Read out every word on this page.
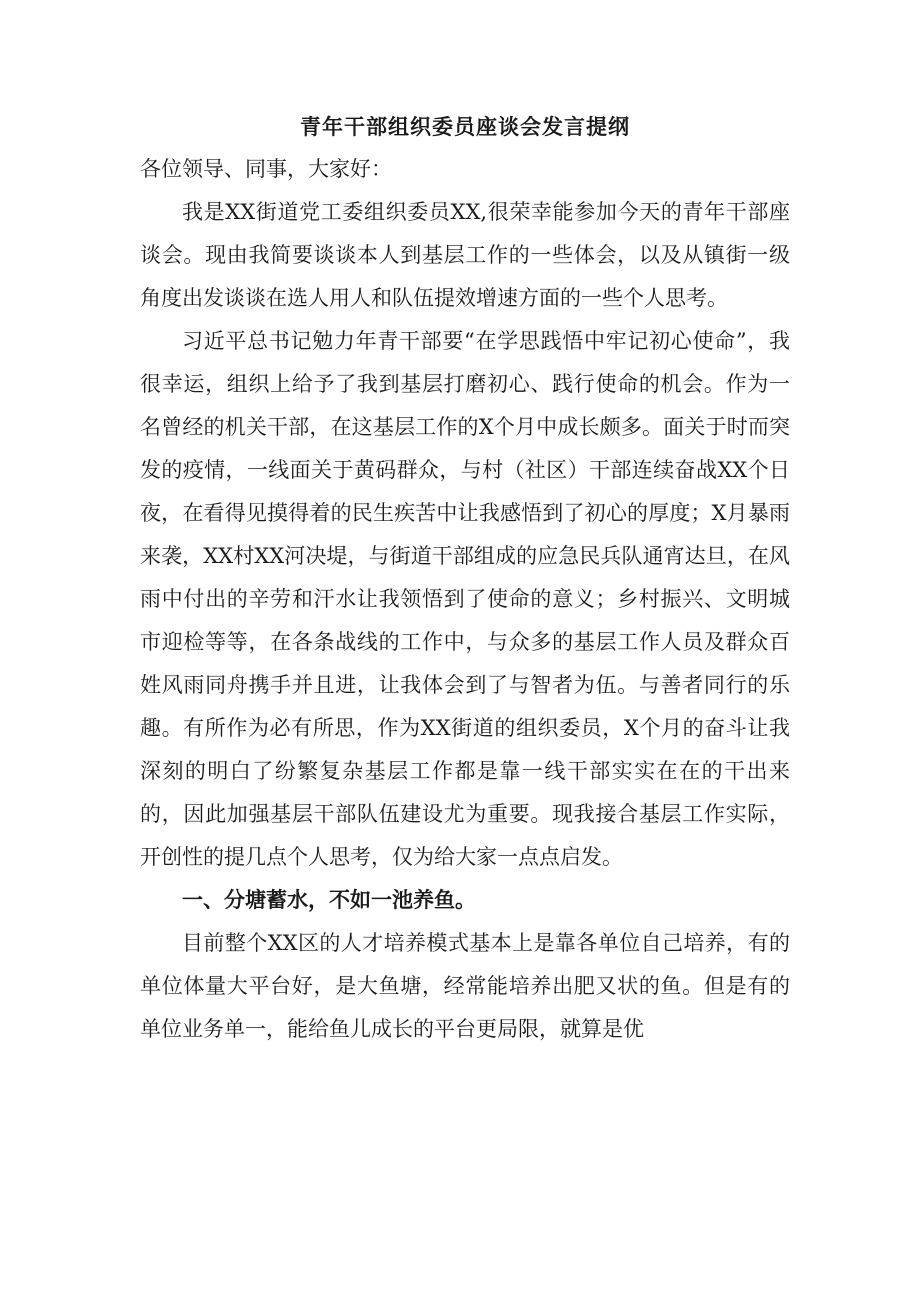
青年干部组织委员座谈会发言提纲

各位领导、同事，大家好：

我是XX街道党工委组织委员XX,很荣幸能参加今天的青年干部座谈会。现由我简要谈谈本人到基层工作的一些体会，以及从镇街一级角度出发谈谈在选人用人和队伍提效增速方面的一些个人思考。

习近平总书记勉力年青干部要“在学思践悟中牢记初心使命”，我很幸运，组织上给予了我到基层打磨初心、践行使命的机会。作为一名曾经的机关干部，在这基层工作的X个月中成长颇多。面关于时而突发的疫情，一线面关于黄码群众，与村（社区）干部连续奋战XX个日夜，在看得见摸得着的民生疾苦中让我感悟到了初心的厚度；X月暴雨来袭，XX村XX河决堤，与街道干部组成的应急民兵队通宵达旦，在风雨中付出的辛劳和汗水让我领悟到了使命的意义；乡村振兴、文明城市迎检等等，在各条战线的工作中，与众多的基层工作人员及群众百姓风雨同舟携手并且进，让我体会到了与智者为伍。与善者同行的乐趣。有所作为必有所思，作为XX街道的组织委员，X个月的奋斗让我深刻的明白了纷繁复杂基层工作都是靠一线干部实实在在的干出来的，因此加强基层干部队伍建设尤为重要。现我接合基层工作实际，开创性的提几点个人思考，仅为给大家一点点启发。

一、分塘蓄水，不如一池养鱼。

目前整个XX区的人才培养模式基本上是靠各单位自己培养，有的单位体量大平台好，是大鱼塘，经常能培养出肥又状的鱼。但是有的单位业务单一，能给鱼儿成长的平台更局限，就算是优
